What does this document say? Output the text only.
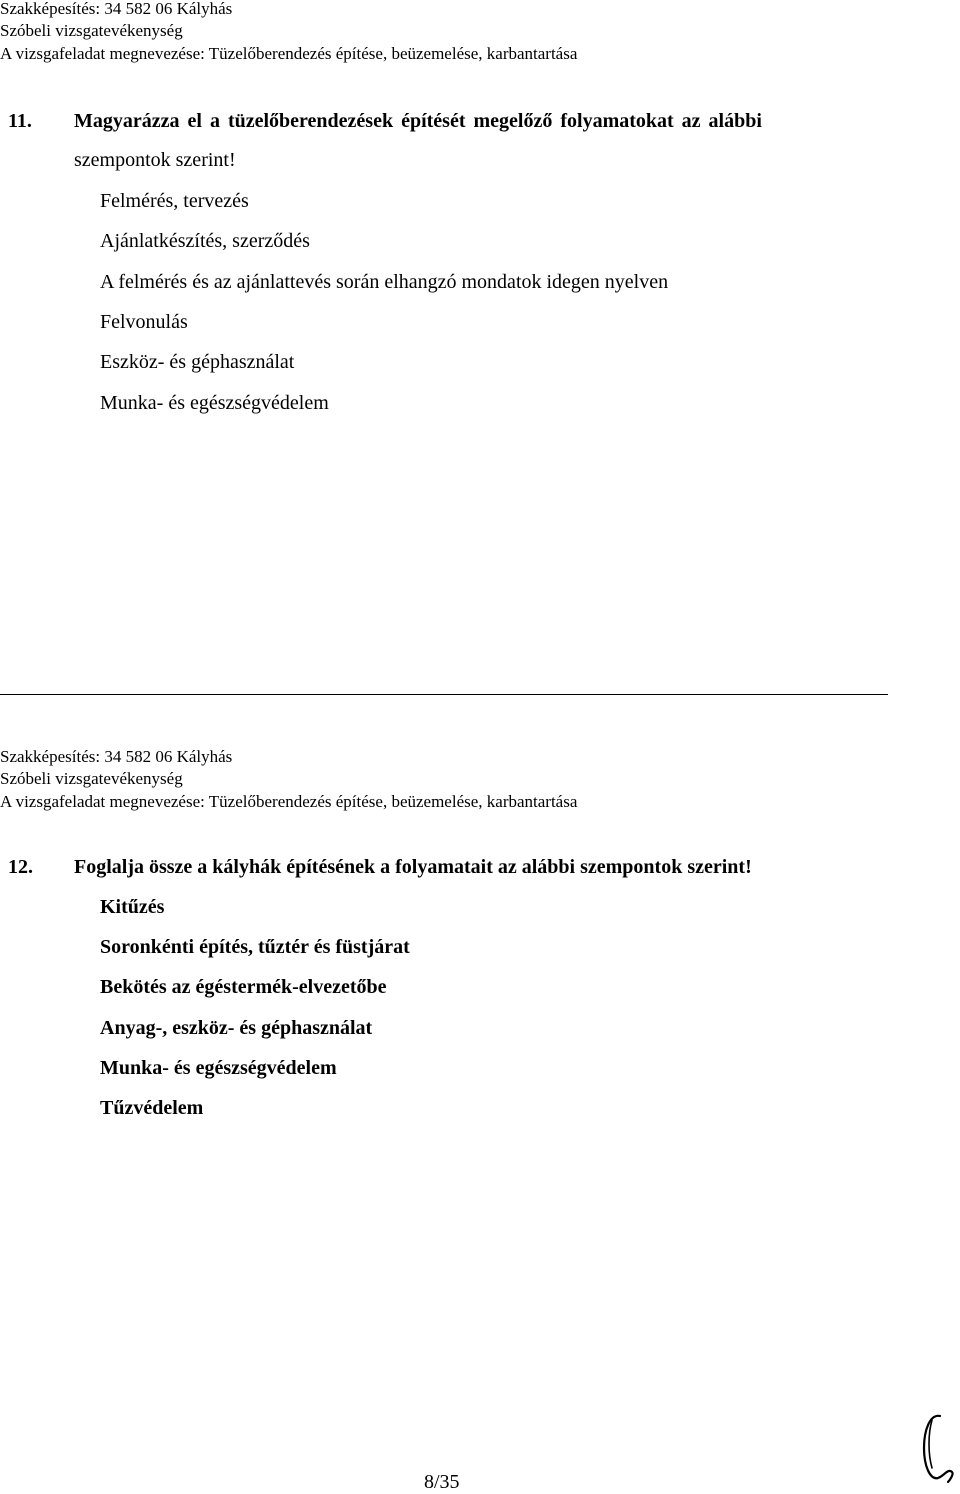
Szakképesítés: 34 582 06 Kályhás
Szóbeli vizsgatevékenység
A vizsgafeladat megnevezése: Tüzelőberendezés építése, beüzemelése, karbantartása
11. Magyarázza el a tüzelőberendezések építését megelőző folyamatokat az alábbi
szempontok szerint!
Felmérés, tervezés
Ajánlatkészítés, szerződés
A felmérés és az ajánlattevés során elhangzó mondatok idegen nyelven
Felvonulás
Eszköz- és géphasználat
Munka- és egészségvédelem
Szakképesítés: 34 582 06 Kályhás
Szóbeli vizsgatevékenység
A vizsgafeladat megnevezése: Tüzelőberendezés építése, beüzemelése, karbantartása
12. Foglalja össze a kályhák építésének a folyamatait az alábbi szempontok szerint!
Kitűzés
Soronkénti építés, tűztér és füstjárat
Bekötés az égéstermék-elvezetőbe
Anyag-, eszköz- és géphasználat
Munka- és egészségvédelem
Tűzvédelem
8/35
